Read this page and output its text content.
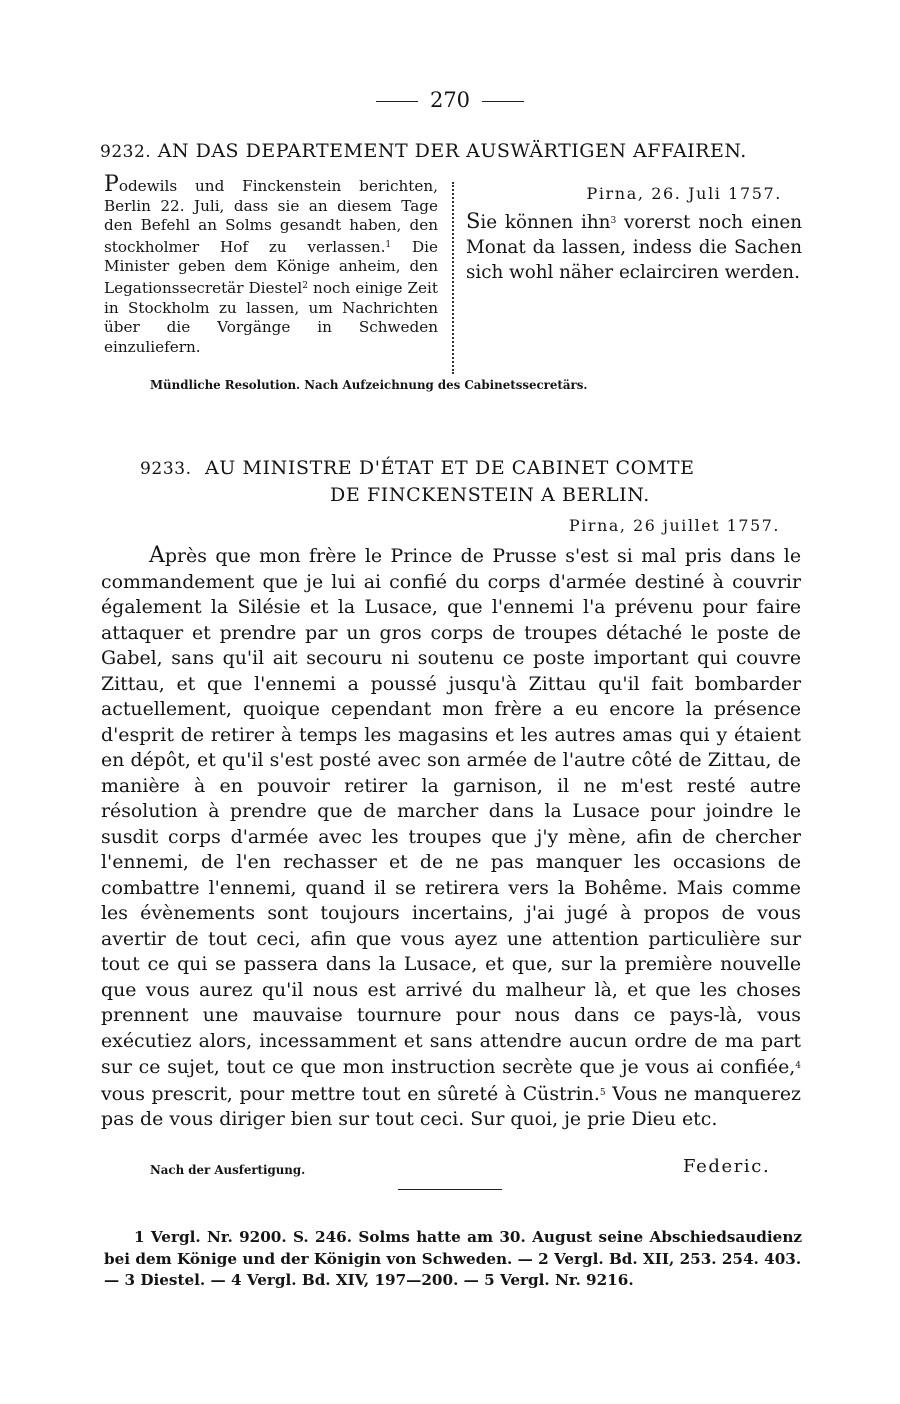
270
9232. AN DAS DEPARTEMENT DER AUSWÄRTIGEN AFFAIREN.
Podewils und Finckenstein berichten, Berlin 22. Juli, dass sie an diesem Tage den Befehl an Solms gesandt haben, den stockholmer Hof zu verlassen.$^1$ Die Minister geben dem Könige anheim, den Legationssecretär Diestel$^2$ noch einige Zeit in Stockholm zu lassen, um Nachrichten über die Vorgänge in Schweden einzuliefern.
Pirna, 26. Juli 1757.
Sie können ihn$^3$ vorerst noch einen Monat da lassen, indess die Sachen sich wohl näher eclairciren werden.
Mündliche Resolution. Nach Aufzeichnung des Cabinetssecretärs.
9233. AU MINISTRE D'ÉTAT ET DE CABINET COMTE
DE FINCKENSTEIN A BERLIN.
Pirna, 26 juillet 1757.
Après que mon frère le Prince de Prusse s'est si mal pris dans le commandement que je lui ai confié du corps d'armée destiné à couvrir également la Silésie et la Lusace, que l'ennemi l'a prévenu pour faire attaquer et prendre par un gros corps de troupes détaché le poste de Gabel, sans qu'il ait secouru ni soutenu ce poste important qui couvre Zittau, et que l'ennemi a poussé jusqu'à Zittau qu'il fait bombarder actuellement, quoique cependant mon frère a eu encore la présence d'esprit de retirer à temps les magasins et les autres amas qui y étaient en dépôt, et qu'il s'est posté avec son armée de l'autre côté de Zittau, de manière à en pouvoir retirer la garnison, il ne m'est resté autre résolution à prendre que de marcher dans la Lusace pour joindre le susdit corps d'armée avec les troupes que j'y mène, afin de chercher l'ennemi, de l'en rechasser et de ne pas manquer les occasions de combattre l'ennemi, quand il se retirera vers la Bohême. Mais comme les évènements sont toujours incertains, j'ai jugé à propos de vous avertir de tout ceci, afin que vous ayez une attention particulière sur tout ce qui se passera dans la Lusace, et que, sur la première nouvelle que vous aurez qu'il nous est arrivé du malheur là, et que les choses prennent une mauvaise tournure pour nous dans ce pays-là, vous exécutiez alors, incessamment et sans attendre aucun ordre de ma part sur ce sujet, tout ce que mon instruction secrète que je vous ai confiée,$^4$ vous prescrit, pour mettre tout en sûreté à Cüstrin.$^5$ Vous ne manquerez pas de vous diriger bien sur tout ceci. Sur quoi, je prie Dieu etc.
Nach der Ausfertigung.	Federic.
1 Vergl. Nr. 9200. S. 246. Solms hatte am 30. August seine Abschiedsaudienz bei dem Könige und der Königin von Schweden. — 2 Vergl. Bd. XII, 253. 254. 403.
— 3 Diestel. — 4 Vergl. Bd. XIV, 197—200. — 5 Vergl. Nr. 9216.
